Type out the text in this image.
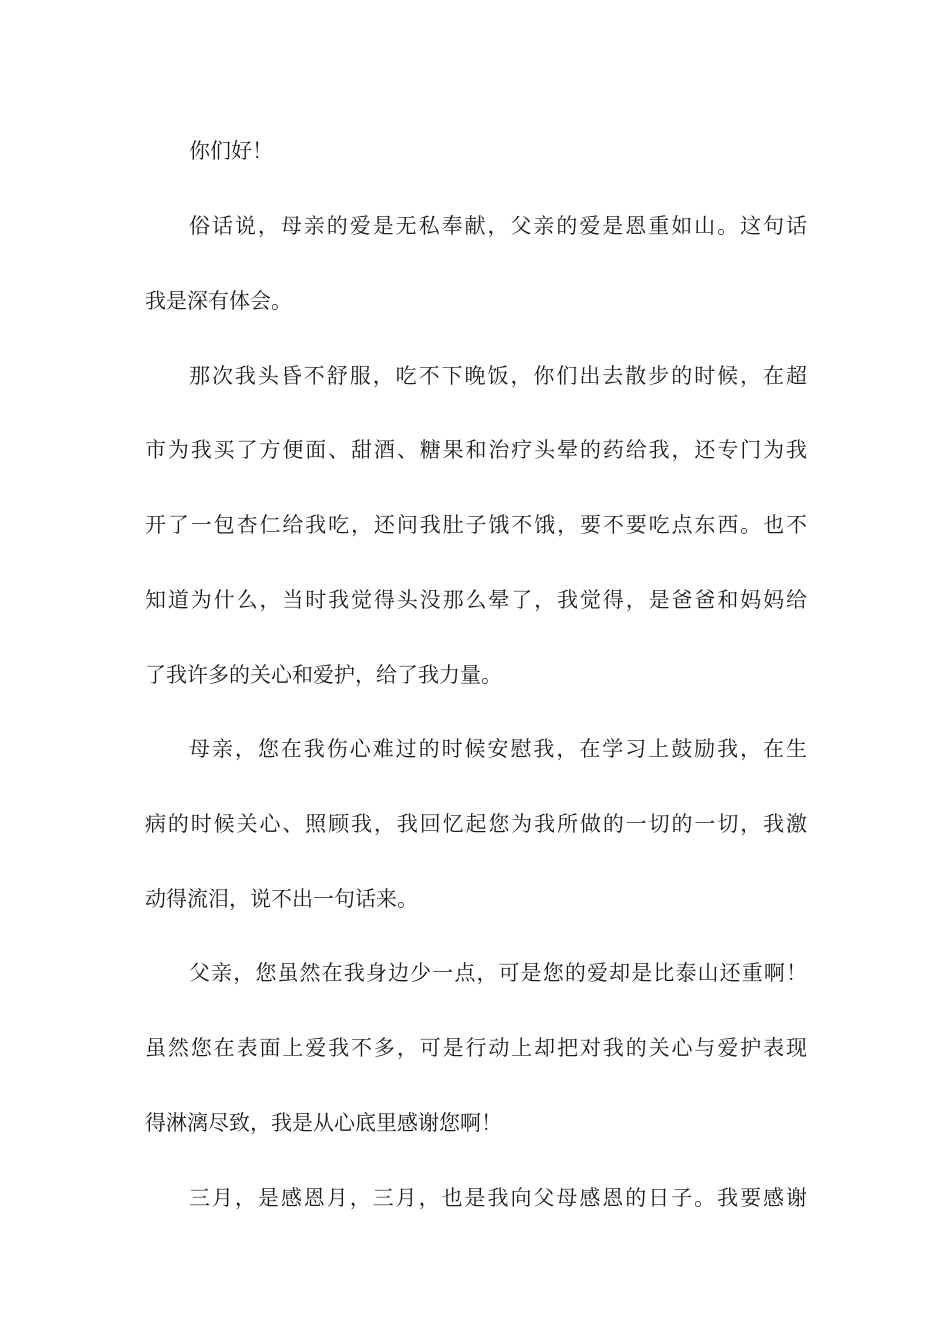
你们好！
俗话说，母亲的爱是无私奉献，父亲的爱是恩重如山。这句话
我是深有体会。
那次我头昏不舒服，吃不下晚饭，你们出去散步的时候，在超
市为我买了方便面、甜酒、糖果和治疗头晕的药给我，还专门为我
开了一包杏仁给我吃，还问我肚子饿不饿，要不要吃点东西。也不
知道为什么，当时我觉得头没那么晕了，我觉得，是爸爸和妈妈给
了我许多的关心和爱护，给了我力量。
母亲，您在我伤心难过的时候安慰我，在学习上鼓励我，在生
病的时候关心、照顾我，我回忆起您为我所做的一切的一切，我激
动得流泪，说不出一句话来。
父亲，您虽然在我身边少一点，可是您的爱却是比泰山还重啊！
虽然您在表面上爱我不多，可是行动上却把对我的关心与爱护表现
得淋漓尽致，我是从心底里感谢您啊！
三月，是感恩月，三月，也是我向父母感恩的日子。我要感谢
